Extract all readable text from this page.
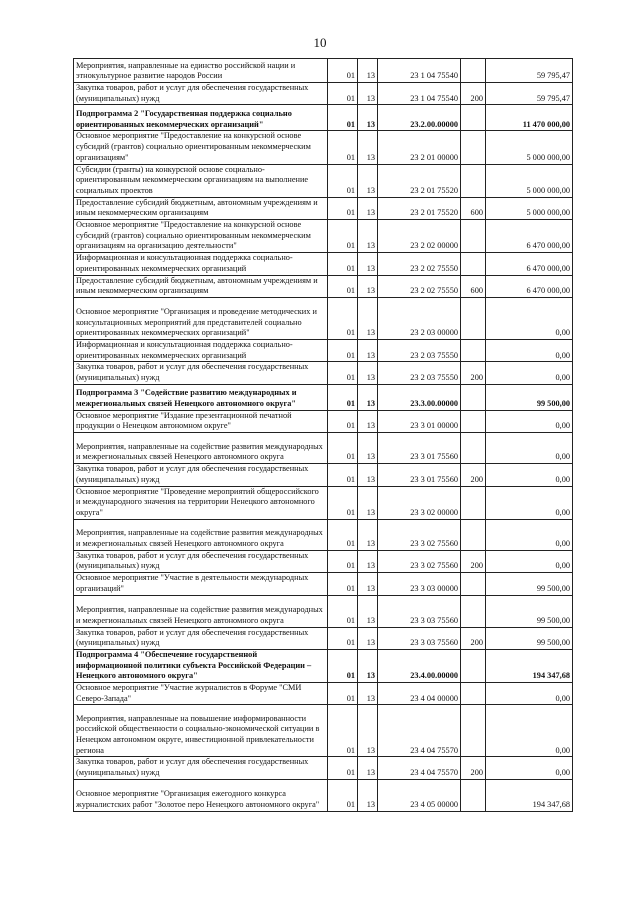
10
Мероприятия, направленные на единство российской нации и этнокультурное развитие народов России	01	13	23 1 04 75540		59 795,47
Закупка товаров, работ и услуг для обеспечения государственных (муниципальных) нужд	01	13	23 1 04 75540	200	59 795,47
Подпрограмма 2 "Государственная поддержка социально ориентированных некоммерческих организаций"	01	13	23.2.00.00000		11 470 000,00
Основное мероприятие "Предоставление на конкурсной основе субсидий (грантов) социально ориентированным некоммерческим организациям"	01	13	23 2 01 00000		5 000 000,00
Субсидии (гранты) на конкурсной основе социально-ориентированным некоммерческим организациям на выполнение социальных проектов	01	13	23 2 01 75520		5 000 000,00
Предоставление субсидий бюджетным, автономным учреждениям и иным некоммерческим организациям	01	13	23 2 01 75520	600	5 000 000,00
Основное мероприятие "Предоставление на конкурсной основе субсидий (грантов) социально ориентированным некоммерческим организациям на организацию деятельности"	01	13	23 2 02 00000		6 470 000,00
Информационная и консультационная поддержка социально-ориентированных некоммерческих организаций	01	13	23 2 02 75550		6 470 000,00
Предоставление субсидий бюджетным, автономным учреждениям и иным некоммерческим организациям	01	13	23 2 02 75550	600	6 470 000,00
Основное мероприятие "Организация и проведение методических и консультационных мероприятий для представителей социально ориентированных некоммерческих организаций"	01	13	23 2 03 00000		0,00
Информационная и консультационная поддержка социально-ориентированных некоммерческих организаций	01	13	23 2 03 75550		0,00
Закупка товаров, работ и услуг для обеспечения государственных (муниципальных) нужд	01	13	23 2 03 75550	200	0,00
Подпрограмма 3 "Содействие развитию международных и межрегиональных связей Ненецкого автономного округа"	01	13	23.3.00.00000		99 500,00
Основное мероприятие "Издание презентационной печатной продукции о Ненецком автономном округе"	01	13	23 3 01 00000		0,00
Мероприятия, направленные на содействие развития международных и межрегиональных связей Ненецкого автономного округа	01	13	23 3 01 75560		0,00
Закупка товаров, работ и услуг для обеспечения государственных (муниципальных) нужд	01	13	23 3 01 75560	200	0,00
Основное мероприятие "Проведение мероприятий общероссийского и международного значения на территории Ненецкого автономного округа"	01	13	23 3 02 00000		0,00
Мероприятия, направленные на содействие развития международных и межрегиональных связей Ненецкого автономного округа	01	13	23 3 02 75560		0,00
Закупка товаров, работ и услуг для обеспечения государственных (муниципальных) нужд	01	13	23 3 02 75560	200	0,00
Основное мероприятие "Участие в деятельности международных организаций"	01	13	23 3 03 00000		99 500,00
Мероприятия, направленные на содействие развития международных и межрегиональных связей Ненецкого автономного округа	01	13	23 3 03 75560		99 500,00
Закупка товаров, работ и услуг для обеспечения государственных (муниципальных) нужд	01	13	23 3 03 75560	200	99 500,00
Подпрограмма 4 "Обеспечение государственной информационной политики субъекта Российской Федерации – Ненецкого автономного округа"	01	13	23.4.00.00000		194 347,68
Основное мероприятие "Участие журналистов в Форуме "СМИ Северо-Запада"	01	13	23 4 04 00000		0,00
Мероприятия, направленные на повышение информированности российской общественности о социально-экономической ситуации в Ненецком автономном округе, инвестиционной привлекательности региона	01	13	23 4 04 75570		0,00
Закупка товаров, работ и услуг для обеспечения государственных (муниципальных) нужд	01	13	23 4 04 75570	200	0,00
Основное мероприятие "Организация ежегодного конкурса журналистских работ "Золотое перо Ненецкого автономного округа"	01	13	23 4 05 00000		194 347,68
